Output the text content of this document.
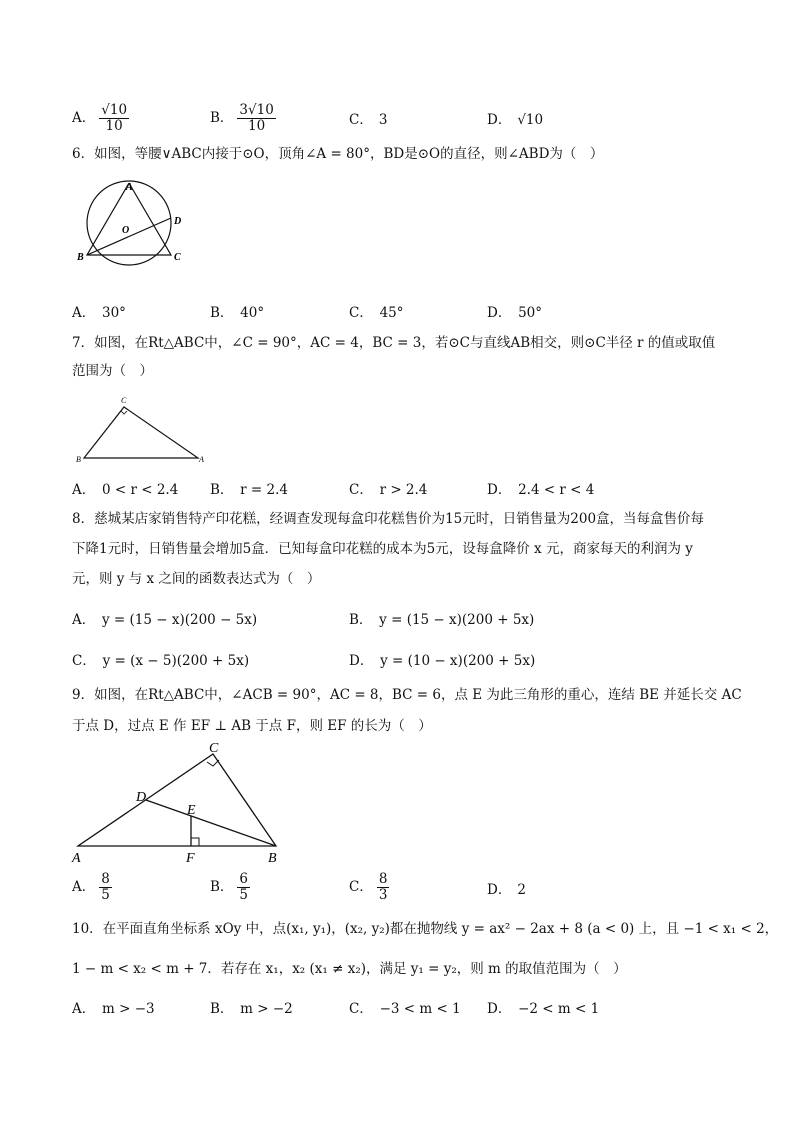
A． $\frac{√10}{10}$	B． $\frac{3√10}{10}$	C． 3	D． √10
6．如图，等腰∨ABC内接于⊙O，顶角∠A = 80°，BD是⊙O的直径，则∠ABD为（　）
A
B	C
D
O
A．　30°	B．　40°	C．　45°	D．　50°
7．如图，在Rt△ABC中，∠C = 90°，AC = 4，BC = 3，若⊙C与直线AB相交，则⊙C半径 r 的值或取值
范围为（　）
C
B	A
A．　0 < r < 2.4 B．　r = 2.4	C．　r > 2.4	D．　2.4 < r < 4
8．慈城某店家销售特产印花糕，经调查发现每盒印花糕售价为15元时，日销售量为200盒，当每盒售价每
下降1元时，日销售量会增加5盒．已知每盒印花糕的成本为5元，设每盒降价 x 元，商家每天的利润为 y
元，则 y 与 x 之间的函数表达式为（　）
A．　y = (15 − x)(200 − 5x)	B．　y = (15 − x)(200 + 5x)
C．　y = (x − 5)(200 + 5x)	D．　y = (10 − x)(200 + 5x)
9．如图，在Rt△ABC中，∠ACB = 90°，AC = 8，BC = 6，点 E 为此三角形的重心，连结 BE 并延长交 AC
于点 D，过点 E 作 EF ⊥ AB 于点 F，则 EF 的长为（　）
C
D
E
A	F	B
A． $\frac{8}{5}$	B． $\frac{6}{5}$	C． $\frac{8}{3}$	D． 2
10．在平面直角坐标系 xOy 中，点(x₁, y₁)，(x₂, y₂)都在抛物线 y = ax² − 2ax + 8 (a < 0) 上，且 −1 < x₁ < 2，
1 − m < x₂ < m + 7．若存在 x₁，x₂ (x₁ ≠ x₂)，满足 y₁ = y₂，则 m 的取值范围为（　）
A．　m > −3	B．　m > −2	C．　−3 < m < 1 D．　−2 < m < 1
